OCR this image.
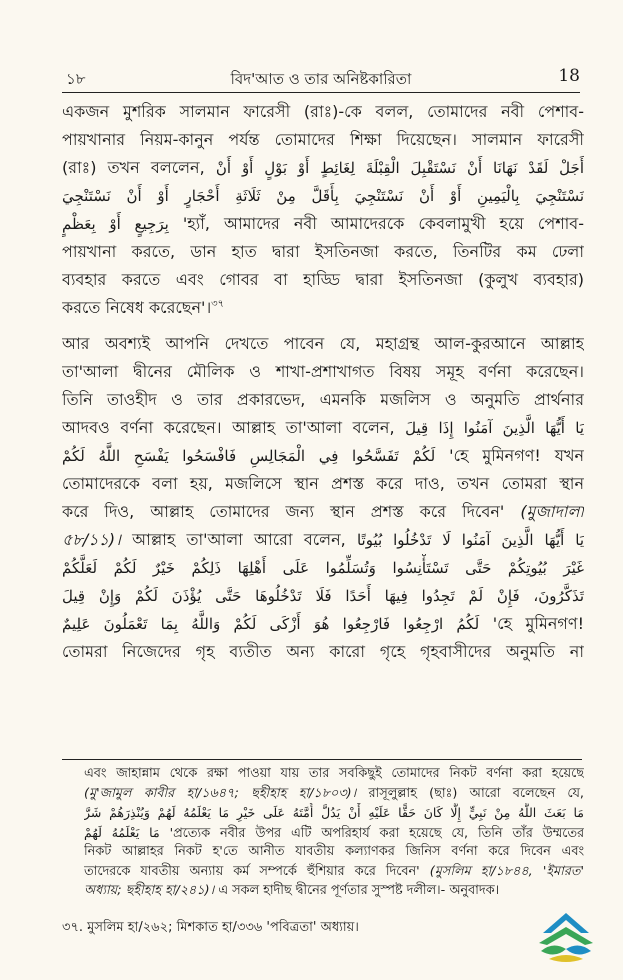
১৮	বিদ'আত ও তার অনিষ্টকারিতা	18
একজন মুশরিক সালমান ফারেসী (রাঃ)-কে বলল, তোমাদের নবী পেশাব-
পায়খানার নিয়ম-কানুন পর্যন্ত তোমাদের শিক্ষা দিয়েছেন। সালমান ফারেসী
(রাঃ) তখন বললেন, أَجَلْ لَقَدْ نَهَانَا أَنْ نَسْتَقْبِلَ الْقِبْلَةَ لِغَائِطٍ أَوْ بَوْلٍ أَوْ أَنْ
نَسْتَنْجِيَ بِالْيَمِينِ أَوْ أَنْ نَسْتَنْجِيَ بِأَقَلَّ مِنْ ثَلَاثَةِ أَحْجَارٍ أَوْ أَنْ نَسْتَنْجِيَ
بِرَجِيعٍ أَوْ بِعَظْمٍ 'হ্যাঁ, আমাদের নবী আমাদেরকে কেবলামুখী হয়ে পেশাব-
পায়খানা করতে, ডান হাত দ্বারা ইসতিনজা করতে, তিনটির কম ঢেলা
ব্যবহার করতে এবং গোবর বা হাড্ডি দ্বারা ইসতিনজা (কুলুখ ব্যবহার)
করতে নিষেধ করেছেন'।$^{৩৭}$
আর অবশ্যই আপনি দেখতে পাবেন যে, মহাগ্রন্থ আল-কুরআনে আল্লাহ
তা'আলা দ্বীনের মৌলিক ও শাখা-প্রশাখাগত বিষয় সমূহ বর্ণনা করেছেন।
তিনি তাওহীদ ও তার প্রকারভেদ, এমনকি মজলিস ও অনুমতি প্রার্থনার
আদবও বর্ণনা করেছেন। আল্লাহ তা'আলা বলেন, يَا أَيُّهَا الَّذِينَ آمَنُوا إِذَا قِيلَ
لَكُمْ تَفَسَّحُوا فِي الْمَجَالِسِ فَافْسَحُوا يَفْسَحِ اللَّهُ لَكُمْ 'হে মুমিনগণ! যখন
তোমাদেরকে বলা হয়, মজলিসে স্থান প্রশস্ত করে দাও, তখন তোমরা স্থান
করে দিও, আল্লাহ তোমাদের জন্য স্থান প্রশস্ত করে দিবেন' (মুজাদালা
৫৮/১১)। আল্লাহ তা'আলা আরো বলেন, يَا أَيُّهَا الَّذِينَ آمَنُوا لَا تَدْخُلُوا بُيُوتًا
غَيْرَ بُيُوتِكُمْ حَتَّى تَسْتَأْنِسُوا وَتُسَلِّمُوا عَلَى أَهْلِهَا ذَلِكُمْ خَيْرٌ لَكُمْ لَعَلَّكُمْ
تَذَكَّرُونَ، فَإِنْ لَمْ تَجِدُوا فِيهَا أَحَدًا فَلَا تَدْخُلُوهَا حَتَّى يُؤْذَنَ لَكُمْ وَإِنْ قِيلَ
لَكُمُ ارْجِعُوا فَارْجِعُوا هُوَ أَزْكَى لَكُمْ وَاللَّهُ بِمَا تَعْمَلُونَ عَلِيمٌ 'হে মুমিনগণ!
তোমরা নিজেদের গৃহ ব্যতীত অন্য কারো গৃহে গৃহবাসীদের অনুমতি না
এবং জাহান্নাম থেকে রক্ষা পাওয়া যায় তার সবকিছুই তোমাদের নিকট বর্ণনা করা হয়েছে
(মু'জামুল কাবীর হা/১৬৪৭; ছহীহাহ হা/১৮০৩)। রাসূলুল্লাহ (ছাঃ) আরো বলেছেন যে,
مَا بَعَثَ اللَّهُ مِنْ نَبِيٍّ إِلَّا كَانَ حَقًّا عَلَيْهِ أَنْ يَدُلَّ أُمَّتَهُ عَلَى خَيْرِ مَا يَعْلَمُهُ لَهُمْ وَيُنْذِرَهُمْ شَرَّ
مَا يَعْلَمُهُ لَهُمْ 'প্রত্যেক নবীর উপর এটি অপরিহার্য করা হয়েছে যে, তিনি তাঁর উম্মতের
নিকট আল্লাহর নিকট হ'তে আনীত যাবতীয় কল্যাণকর জিনিস বর্ণনা করে দিবেন এবং
তাদেরকে যাবতীয় অন্যায় কর্ম সম্পর্কে হুঁশিয়ার করে দিবেন' (মুসলিম হা/১৮৪৪, 'ইমারত'
অধ্যায়; ছহীহাহ হা/২৪১)। এ সকল হাদীছ দ্বীনের পূর্ণতার সুস্পষ্ট দলীল।- অনুবাদক।
৩৭. মুসলিম হা/২৬২; মিশকাত হা/৩৩৬ 'পবিত্রতা' অধ্যায়।
